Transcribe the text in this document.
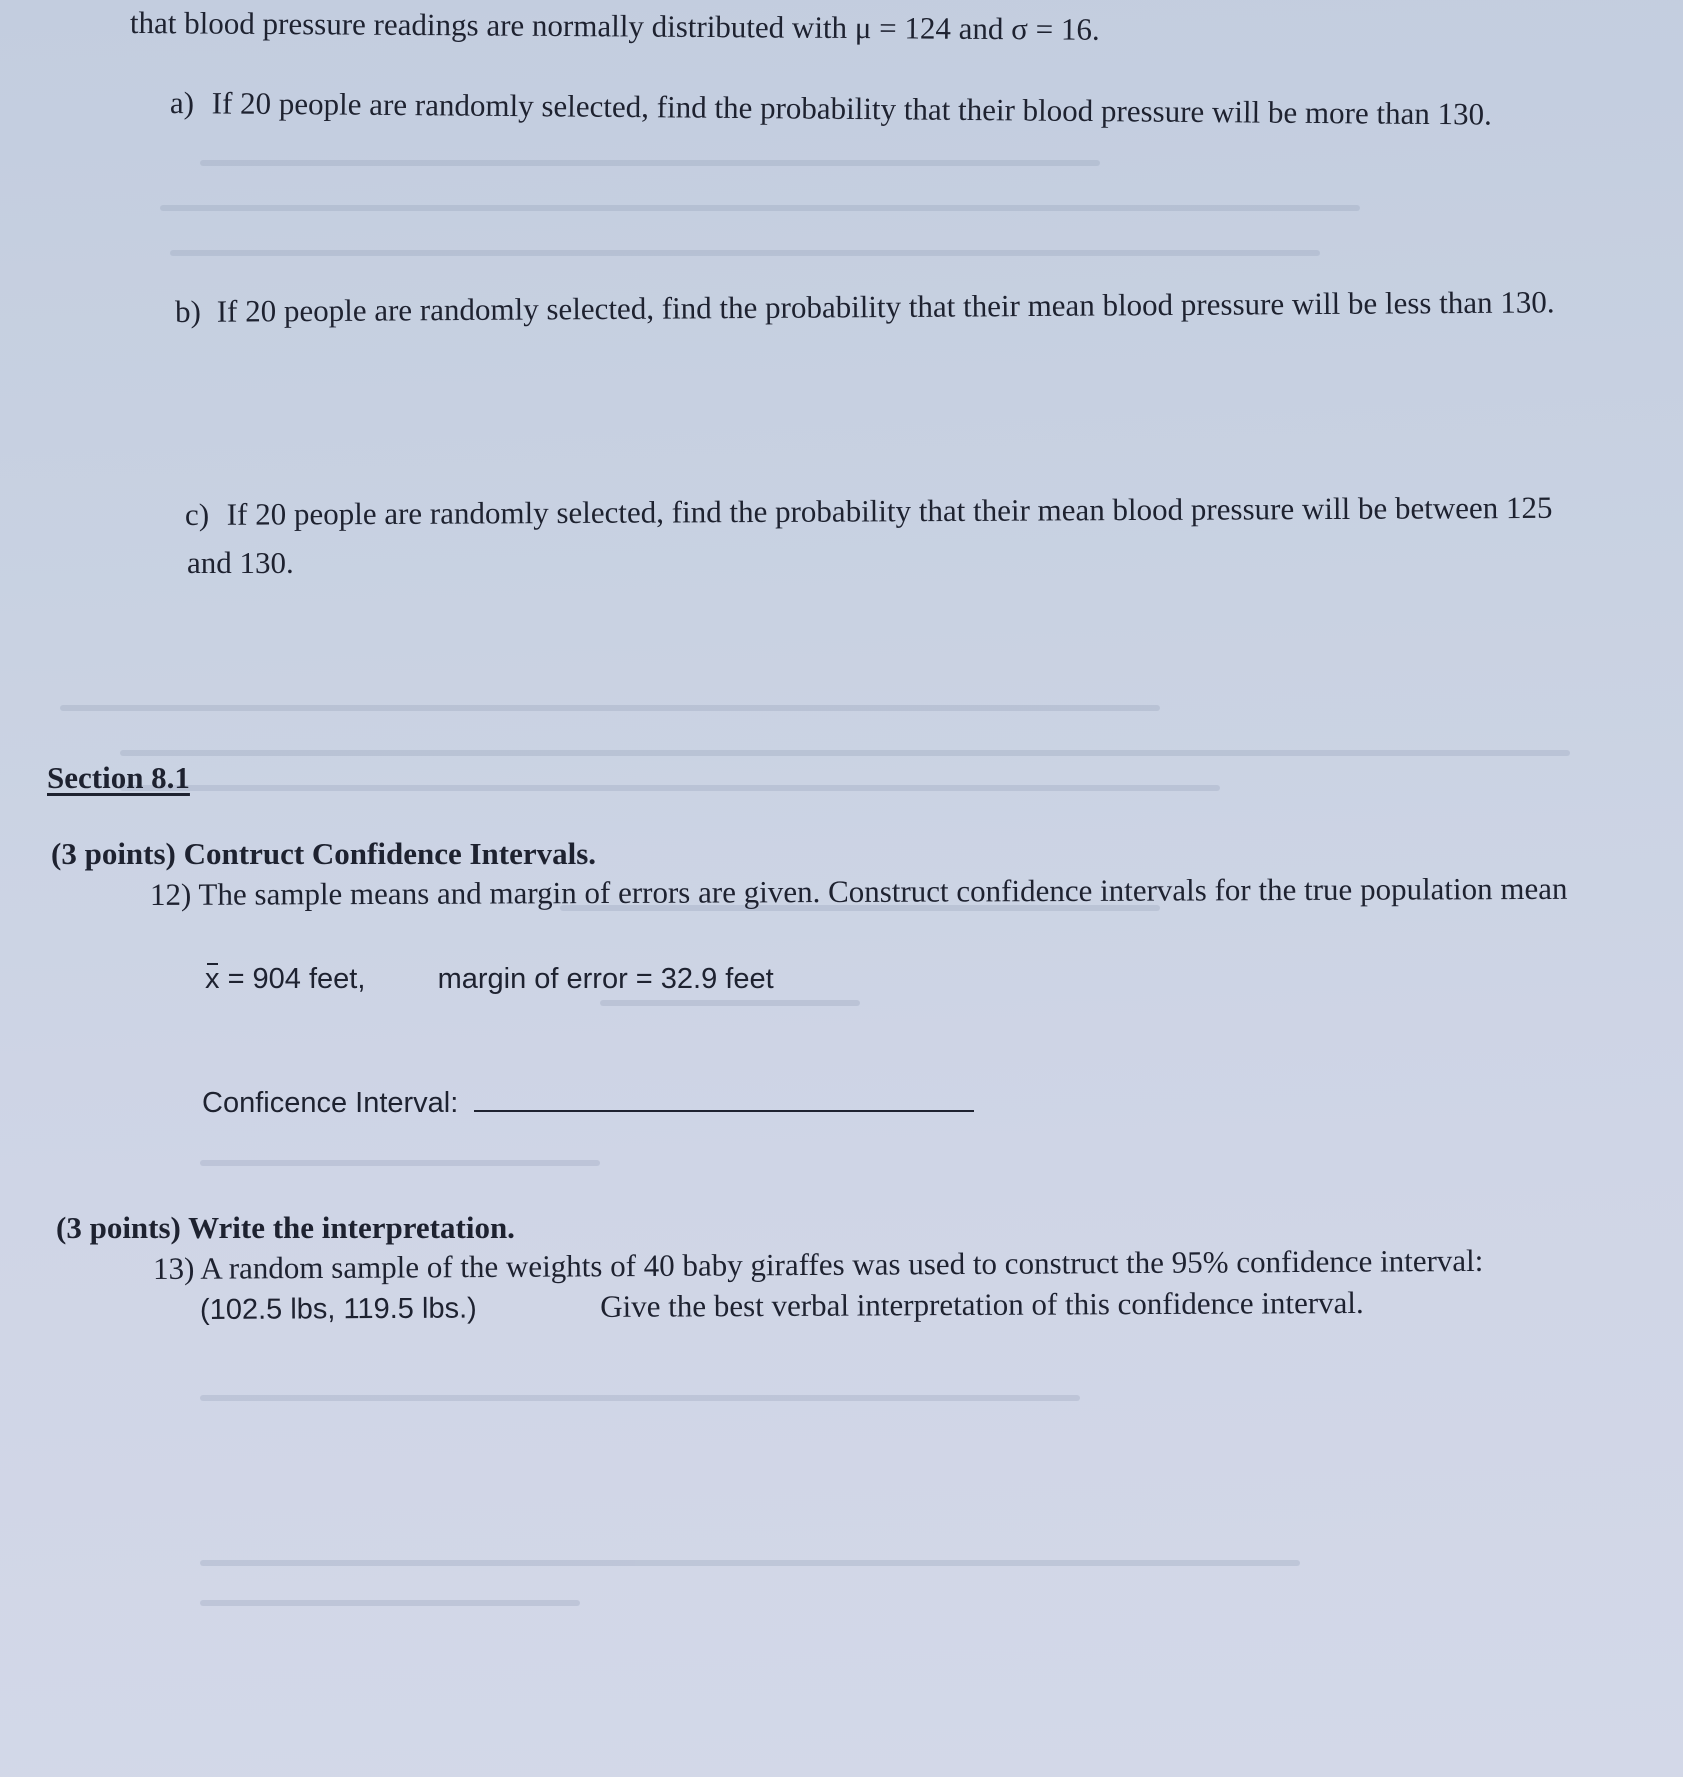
that blood pressure readings are normally distributed with μ = 124 and σ = 16.
a) If 20 people are randomly selected, find the probability that their blood pressure will be more than 130.
b) If 20 people are randomly selected, find the probability that their mean blood pressure will be less than 130.
c) If 20 people are randomly selected, find the probability that their mean blood pressure will be between 125
and 130.
Section 8.1
(3 points) Contruct Confidence Intervals.
12) The sample means and margin of errors are given. Construct confidence intervals for the true population mean
x = 904 feet, margin of error = 32.9 feet
Conficence Interval:
(3 points) Write the interpretation.
13) A random sample of the weights of 40 baby giraffes was used to construct the 95% confidence interval:
(102.5 lbs, 119.5 lbs.)	Give the best verbal interpretation of this confidence interval.
